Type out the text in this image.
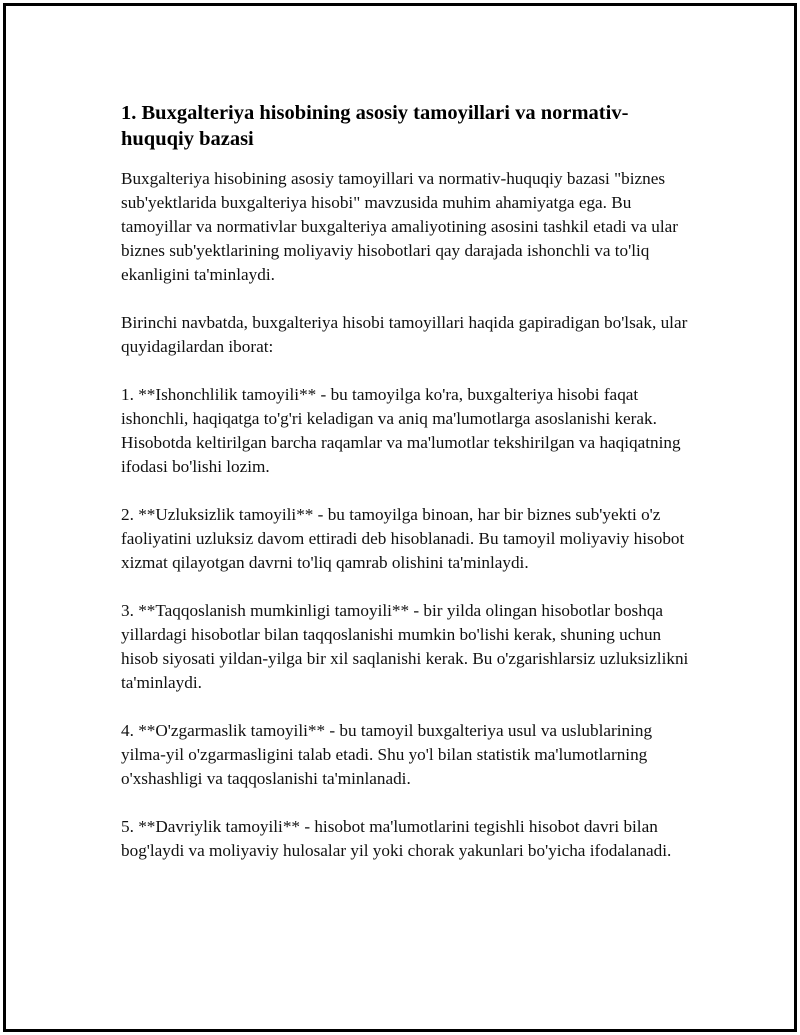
1. Buxgalteriya hisobining asosiy tamoyillari va normativ-huquqiy bazasi

Buxgalteriya hisobining asosiy tamoyillari va normativ-huquqiy bazasi "biznes sub'yektlarida buxgalteriya hisobi" mavzusida muhim ahamiyatga ega. Bu tamoyillar va normativlar buxgalteriya amaliyotining asosini tashkil etadi va ular biznes sub'yektlarining moliyaviy hisobotlari qay darajada ishonchli va to'liq ekanligini ta'minlaydi.

Birinchi navbatda, buxgalteriya hisobi tamoyillari haqida gapiradigan bo'lsak, ular quyidagilardan iborat:

1. **Ishonchlilik tamoyili** - bu tamoyilga ko'ra, buxgalteriya hisobi faqat ishonchli, haqiqatga to'g'ri keladigan va aniq ma'lumotlarga asoslanishi kerak. Hisobotda keltirilgan barcha raqamlar va ma'lumotlar tekshirilgan va haqiqatning ifodasi bo'lishi lozim.

2. **Uzluksizlik tamoyili** - bu tamoyilga binoan, har bir biznes sub'yekti o'z faoliyatini uzluksiz davom ettiradi deb hisoblanadi. Bu tamoyil moliyaviy hisobot xizmat qilayotgan davrni to'liq qamrab olishini ta'minlaydi.

3. **Taqqoslanish mumkinligi tamoyili** - bir yilda olingan hisobotlar boshqa yillardagi hisobotlar bilan taqqoslanishi mumkin bo'lishi kerak, shuning uchun hisob siyosati yildan-yilga bir xil saqlanishi kerak. Bu o'zgarishlarsiz uzluksizlikni ta'minlaydi.

4. **O'zgarmaslik tamoyili** - bu tamoyil buxgalteriya usul va uslublarining yilma-yil o'zgarmasligini talab etadi. Shu yo'l bilan statistik ma'lumotlarning o'xshashligi va taqqoslanishi ta'minlanadi.

5. **Davriylik tamoyili** - hisobot ma'lumotlarini tegishli hisobot davri bilan bog'laydi va moliyaviy hulosalar yil yoki chorak yakunlari bo'yicha ifodalanadi.
